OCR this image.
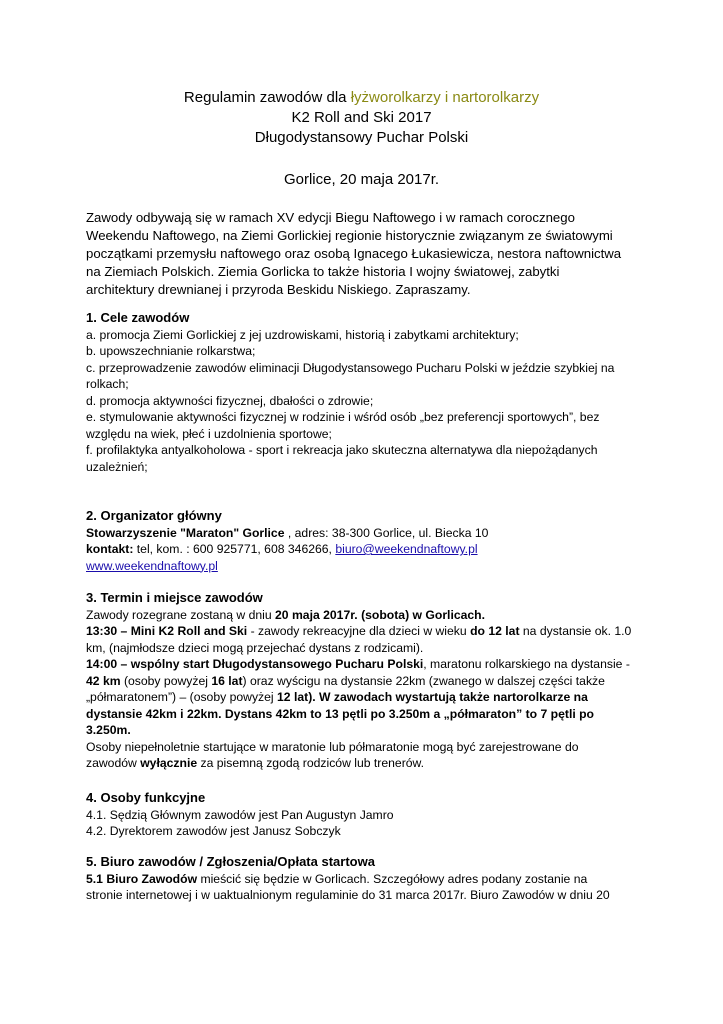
Regulamin zawodów dla łyżworolkarzy i nartorolkarzy
K2 Roll and Ski 2017
Długodystansowy Puchar Polski
Gorlice, 20 maja 2017r.
Zawody odbywają się w ramach XV edycji Biegu Naftowego i w ramach corocznego
Weekendu Naftowego, na Ziemi Gorlickiej regionie historycznie związanym ze światowymi
początkami przemysłu naftowego oraz osobą Ignacego Łukasiewicza, nestora naftownictwa
na Ziemiach Polskich. Ziemia Gorlicka to także historia I wojny światowej, zabytki
architektury drewnianej i przyroda Beskidu Niskiego. Zapraszamy.
1. Cele zawodów
a. promocja Ziemi Gorlickiej z jej uzdrowiskami, historią i zabytkami architektury;
b. upowszechnianie rolkarstwa;
c. przeprowadzenie zawodów eliminacji Długodystansowego Pucharu Polski w jeździe szybkiej na
rolkach;
d. promocja aktywności fizycznej, dbałości o zdrowie;
e. stymulowanie aktywności fizycznej w rodzinie i wśród osób „bez preferencji sportowych”, bez
względu na wiek, płeć i uzdolnienia sportowe;
f. profilaktyka antyalkoholowa - sport i rekreacja jako skuteczna alternatywa dla niepożądanych
uzależnień;
2. Organizator główny
Stowarzyszenie "Maraton" Gorlice , adres: 38-300 Gorlice, ul. Biecka 10
kontakt: tel, kom. : 600 925771, 608 346266, biuro@weekendnaftowy.pl
www.weekendnaftowy.pl
3. Termin i miejsce zawodów
Zawody rozegrane zostaną w dniu 20 maja 2017r. (sobota) w Gorlicach.
13:30 – Mini K2 Roll and Ski - zawody rekreacyjne dla dzieci w wieku do 12 lat na dystansie ok. 1.0
km, (najmłodsze dzieci mogą przejechać dystans z rodzicami).
14:00 – wspólny start Długodystansowego Pucharu Polski, maratonu rolkarskiego na dystansie -
42 km (osoby powyżej 16 lat) oraz wyścigu na dystansie 22km (zwanego w dalszej części także
„półmaratonem”) – (osoby powyżej 12 lat). W zawodach wystartują także nartorolkarze na
dystansie 42km i 22km. Dystans 42km to 13 pętli po 3.250m a „półmaraton” to 7 pętli po
3.250m.
Osoby niepełnoletnie startujące w maratonie lub półmaratonie mogą być zarejestrowane do
zawodów wyłącznie za pisemną zgodą rodziców lub trenerów.
4. Osoby funkcyjne
4.1. Sędzią Głównym zawodów jest Pan Augustyn Jamro
4.2. Dyrektorem zawodów jest Janusz Sobczyk
5. Biuro zawodów / Zgłoszenia/Opłata startowa
5.1 Biuro Zawodów mieścić się będzie w Gorlicach. Szczegółowy adres podany zostanie na
stronie internetowej i w uaktualnionym regulaminie do 31 marca 2017r. Biuro Zawodów w dniu 20
